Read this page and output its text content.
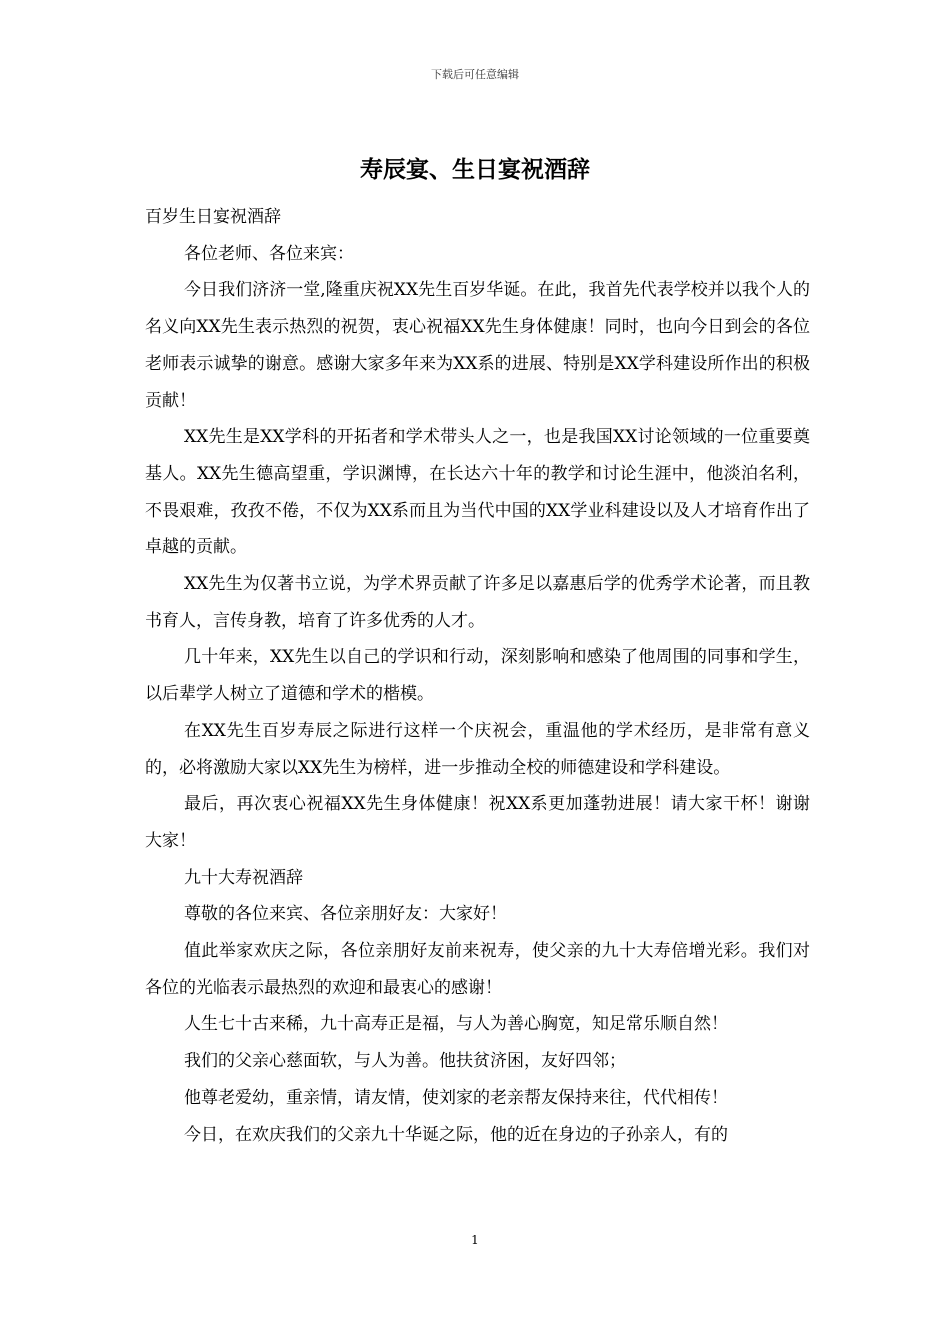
下载后可任意编辑
寿辰宴、生日宴祝酒辞

百岁生日宴祝酒辞

各位老师、各位来宾：

今日我们济济一堂,隆重庆祝XX先生百岁华诞。在此，我首先代表学校并以我个人的名义向XX先生表示热烈的祝贺，衷心祝福XX先生身体健康！同时，也向今日到会的各位老师表示诚挚的谢意。感谢大家多年来为XX系的进展、特别是XX学科建设所作出的积极贡献！

XX先生是XX学科的开拓者和学术带头人之一，也是我国XX讨论领域的一位重要奠基人。XX先生德高望重，学识渊博，在长达六十年的教学和讨论生涯中，他淡泊名利，不畏艰难，孜孜不倦，不仅为XX系而且为当代中国的XX学业科建设以及人才培育作出了卓越的贡献。

XX先生为仅著书立说，为学术界贡献了许多足以嘉惠后学的优秀学术论著，而且教书育人，言传身教，培育了许多优秀的人才。

几十年来，XX先生以自己的学识和行动，深刻影响和感染了他周围的同事和学生，以后辈学人树立了道德和学术的楷模。

在XX先生百岁寿辰之际进行这样一个庆祝会，重温他的学术经历，是非常有意义的，必将激励大家以XX先生为榜样，进一步推动全校的师德建设和学科建设。

最后，再次衷心祝福XX先生身体健康！祝XX系更加蓬勃进展！请大家干杯！谢谢大家！

九十大寿祝酒辞

尊敬的各位来宾、各位亲朋好友：大家好！

值此举家欢庆之际，各位亲朋好友前来祝寿，使父亲的九十大寿倍增光彩。我们对各位的光临表示最热烈的欢迎和最衷心的感谢！

人生七十古来稀，九十高寿正是福，与人为善心胸宽，知足常乐顺自然！

我们的父亲心慈面软，与人为善。他扶贫济困，友好四邻；

他尊老爱幼，重亲情，请友情，使刘家的老亲帮友保持来往，代代相传！

今日，在欢庆我们的父亲九十华诞之际，他的近在身边的子孙亲人，有的

1
